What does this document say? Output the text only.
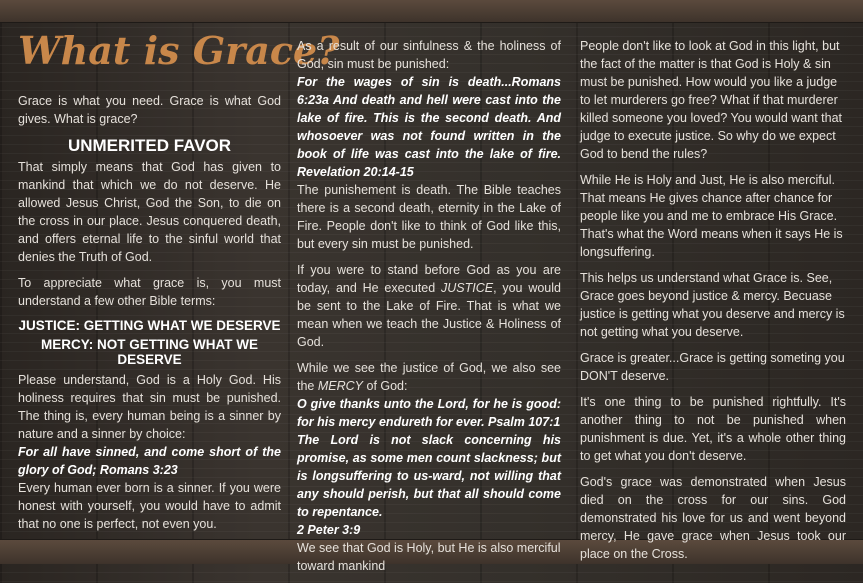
What is Grace?

Grace is what you need. Grace is what God gives. What is grace?

UNMERITED FAVOR

That simply means that God has given to mankind that which we do not deserve. He allowed Jesus Christ, God the Son, to die on the cross in our place. Jesus conquered death, and offers eternal life to the sinful world that denies the Truth of God.

To appreciate what grace is, you must understand a few other Bible terms:

JUSTICE: GETTING WHAT WE DESERVE
MERCY: NOT GETTING WHAT WE DESERVE

Please understand, God is a Holy God. His holiness requires that sin must be punished. The thing is, every human being is a sinner by nature and a sinner by choice:

For all have sinned, and come short of the glory of God; Romans 3:23

Every human ever born is a sinner. If you were honest with yourself, you would have to admit that no one is perfect, not even you.

As a result of our sinfulness & the holiness of God, sin must be punished:

For the wages of sin is death...Romans 6:23a And death and hell were cast into the lake of fire. This is the second death. And whosoever was not found written in the book of life was cast into the lake of fire. Revelation 20:14-15

The punishement is death. The Bible teaches there is a second death, eternity in the Lake of Fire. People don't like to think of God like this, but every sin must be punished.

If you were to stand before God as you are today, and He executed JUSTICE, you would be sent to the Lake of Fire. That is what we mean when we teach the Justice & Holiness of God.

While we see the justice of God, we also see the MERCY of God:

O give thanks unto the Lord, for he is good: for his mercy endureth for ever. Psalm 107:1

The Lord is not slack concerning his promise, as some men count slackness; but is longsuffering to us-ward, not willing that any should perish, but that all should come to repentance.

2 Peter 3:9

We see that God is Holy, but He is also merciful toward mankind

People don't like to look at God in this light, but the fact of the matter is that God is Holy & sin must be punished. How would you like a judge to let murderers go free? What if that murderer killed someone you loved? You would want that judge to execute justice. So why do we expect God to bend the rules?

While He is Holy and Just, He is also merciful. That means He gives chance after chance for people like you and me to embrace His Grace. That's what the Word means when it says He is longsuffering.

This helps us understand what Grace is. See, Grace goes beyond justice & mercy. Becuase justice is getting what you deserve and mercy is not getting what you deserve.

Grace is greater...Grace is getting someting you DON'T deserve.

It's one thing to be punished rightfully. It's another thing to not be punished when punishment is due. Yet, it's a whole other thing to get what you don't deserve.

God's grace was demonstrated when Jesus died on the cross for our sins. God demonstrated his love for us and went beyond mercy, He gave grace when Jesus took our place on the Cross.
